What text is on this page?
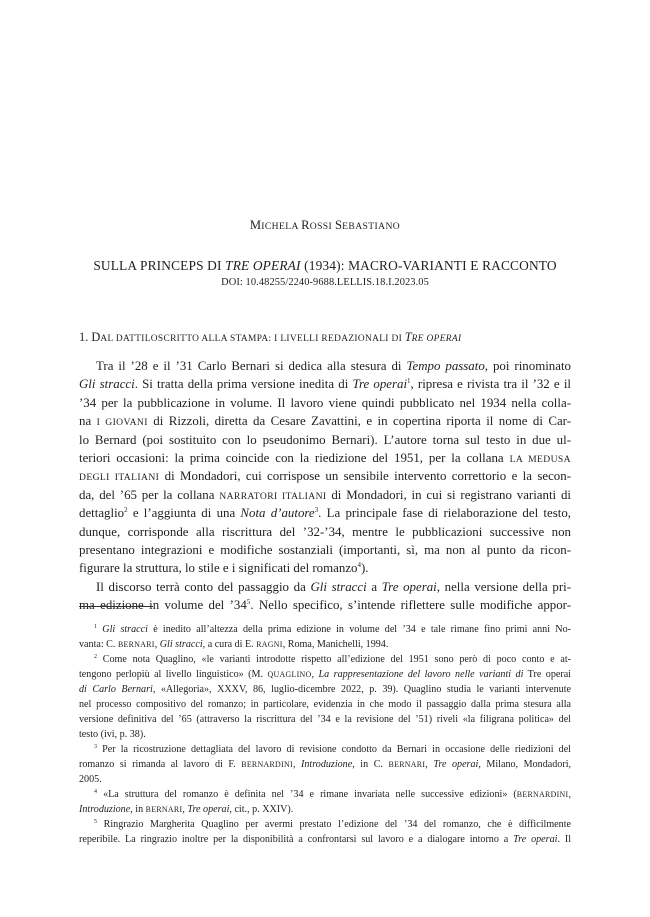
MICHELA ROSSI SEBASTIANO
SULLA PRINCEPS DI TRE OPERAI (1934): MACRO-VARIANTI E RACCONTO
DOI: 10.48255/2240-9688.LELLIS.18.I.2023.05
1. DAL DATTILOSCRITTO ALLA STAMPA: I LIVELLI REDAZIONALI DI TRE OPERAI
Tra il ’28 e il ’31 Carlo Bernari si dedica alla stesura di Tempo passato, poi rinominato
Gli stracci. Si tratta della prima versione inedita di Tre operai$^1$, ripresa e rivista tra il ’32 e il
’34 per la pubblicazione in volume. Il lavoro viene quindi pubblicato nel 1934 nella colla-
na I GIOVANI di Rizzoli, diretta da Cesare Zavattini, e in copertina riporta il nome di Car-
lo Bernard (poi sostituito con lo pseudonimo Bernari). L’autore torna sul testo in due ul-
teriori occasioni: la prima coincide con la riedizione del 1951, per la collana LA MEDUSA
DEGLI ITALIANI di Mondadori, cui corrispose un sensibile intervento correttorio e la secon-
da, del ’65 per la collana NARRATORI ITALIANI di Mondadori, in cui si registrano varianti di
dettaglio$^2$ e l’aggiunta di una Nota d’autore$^3$. La principale fase di rielaborazione del testo,
dunque, corrisponde alla riscrittura del ’32-’34, mentre le pubblicazioni successive non
presentano integrazioni e modifiche sostanziali (importanti, sì, ma non al punto da ricon-
figurare la struttura, lo stile e i significati del romanzo$^4$).
Il discorso terrà conto del passaggio da Gli stracci a Tre operai, nella versione della pri-
ma edizione in volume del $’34^5$. Nello specifico, s’intende riflettere sulle modifiche appor-
$^1$ Gli stracci è inedito all’altezza della prima edizione in volume del ’34 e tale rimane fino primi anni No-
vanta: C. BERNARI, Gli stracci, a cura di E. RAGNI, Roma, Manichelli, 1994.
$^2$ Come nota Quaglino, «le varianti introdotte rispetto all’edizione del 1951 sono però di poco conto e at-
tengono perlopiù al livello linguistico» (M. QUAGLINO, La rappresentazione del lavoro nelle varianti di Tre operai
di Carlo Bernari, «Allegoria», XXXV, 86, luglio-dicembre 2022, p. 39). Quaglino studia le varianti intervenute
nel processo compositivo del romanzo; in particolare, evidenzia in che modo il passaggio dalla prima stesura alla
versione definitiva del ’65 (attraverso la riscrittura del ’34 e la revisione del ’51) riveli «la filigrana politica» del
testo (ivi, p. 38).
$^3$ Per la ricostruzione dettagliata del lavoro di revisione condotto da Bernari in occasione delle riedizioni del
romanzo si rimanda al lavoro di F. BERNARDINI, Introduzione, in C. BERNARI, Tre operai, Milano, Mondadori,
2005.
$^4$ «La struttura del romanzo è definita nel ’34 e rimane invariata nelle successive edizioni» (BERNARDINI,
Introduzione, in BERNARI, Tre operai, cit., p. XXIV).
$^5$ Ringrazio Margherita Quaglino per avermi prestato l’edizione del ’34 del romanzo, che è difficilmente
reperibile. La ringrazio inoltre per la disponibilità a confrontarsi sul lavoro e a dialogare intorno a Tre operai. Il
